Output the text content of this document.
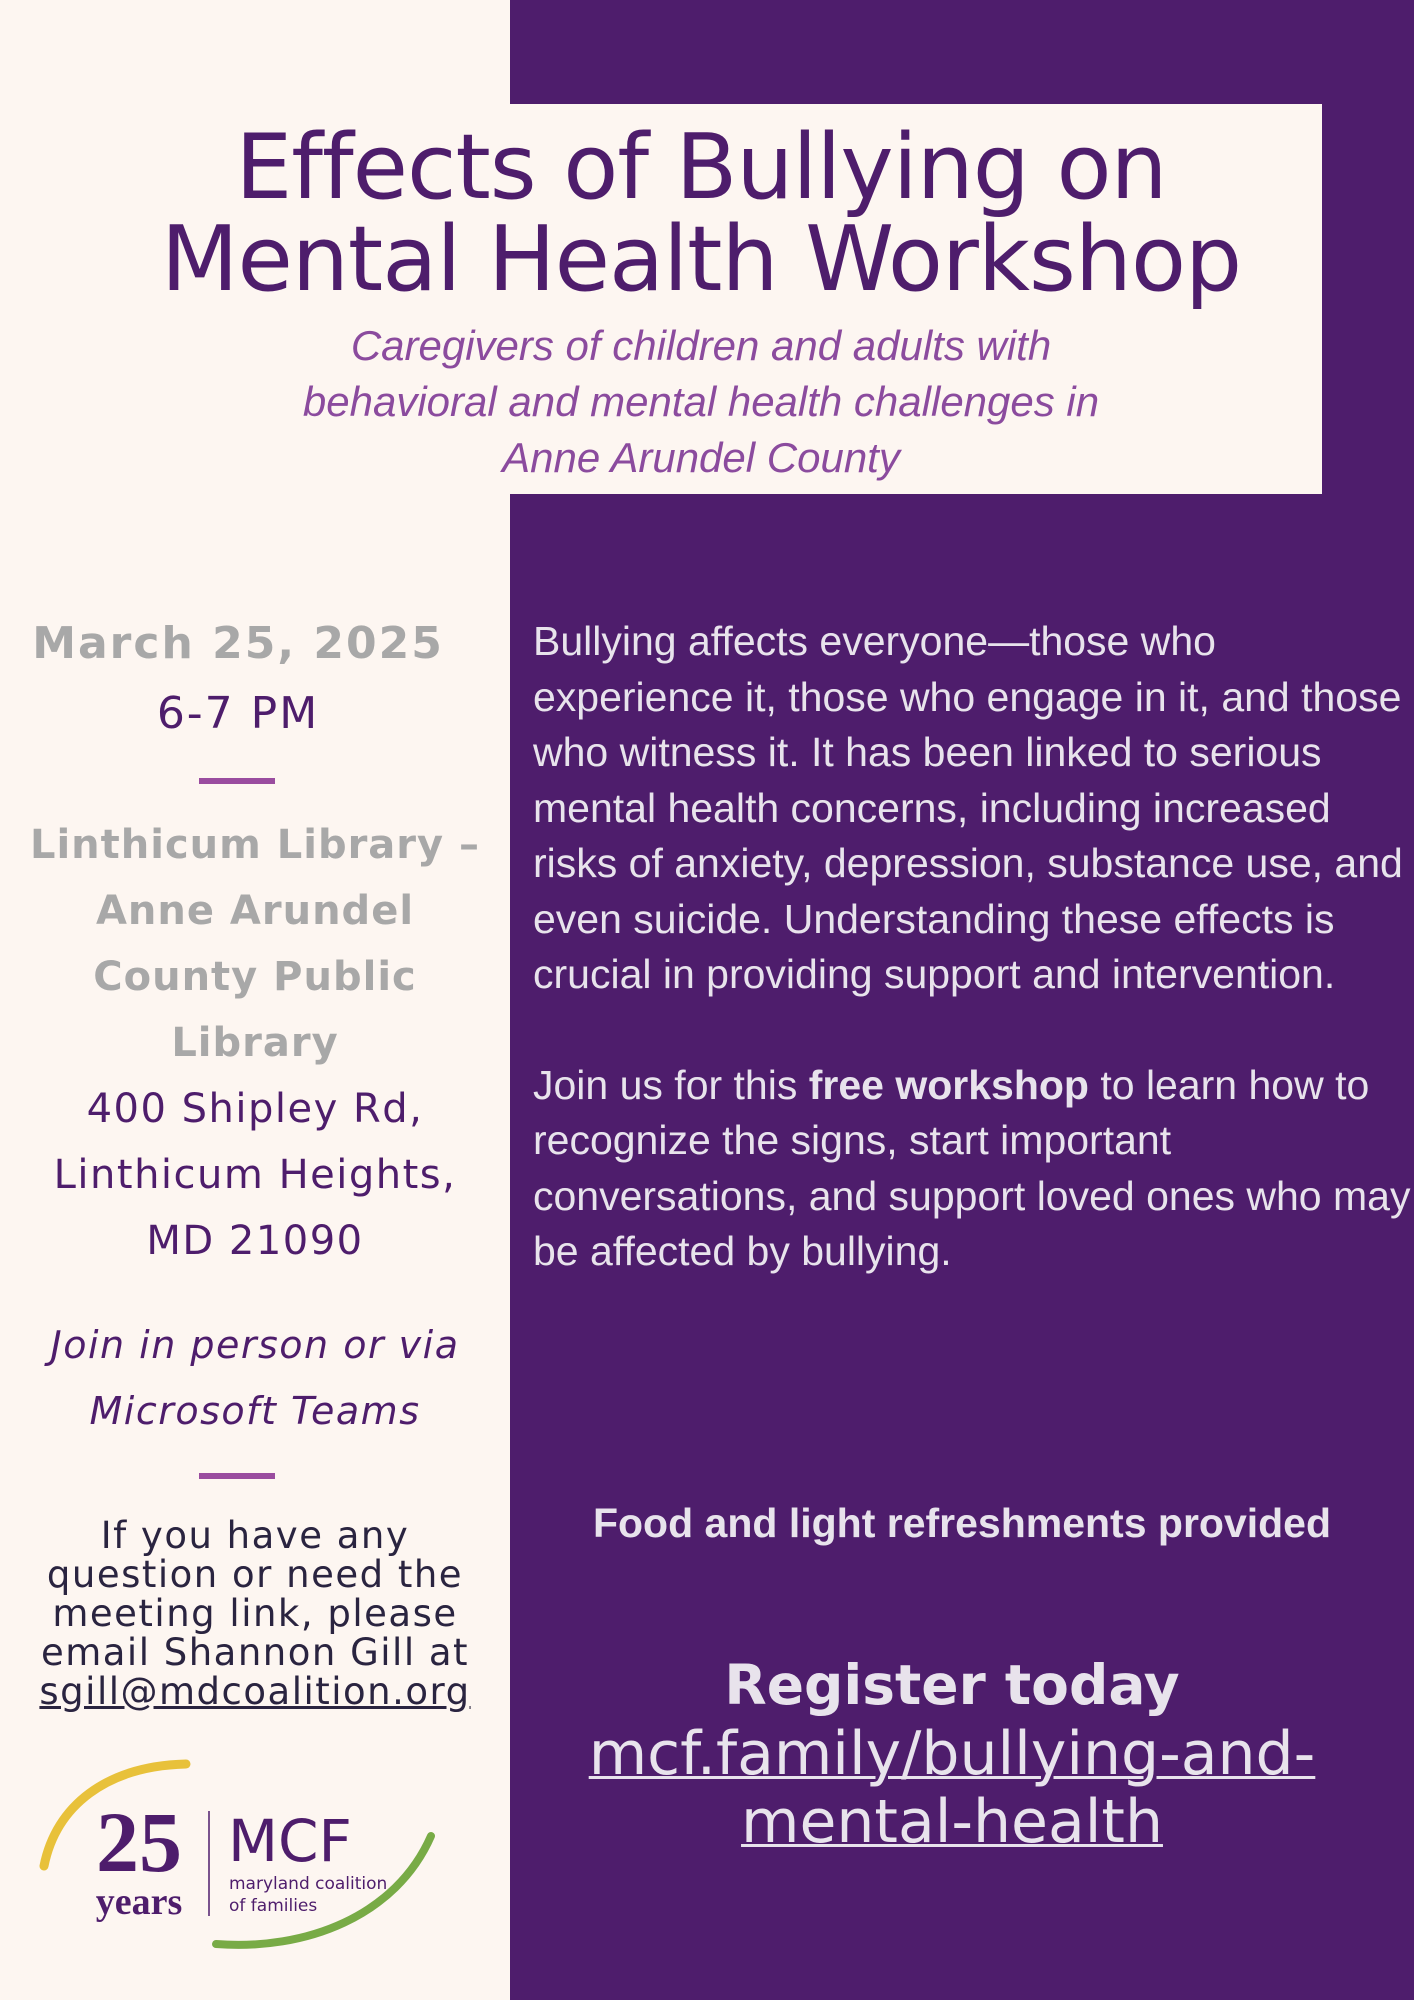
Effects of Bullying on
Mental Health Workshop
Caregivers of children and adults with
behavioral and mental health challenges in
Anne Arundel County
March 25, 2025
6-7 PM
Linthicum Library –
Anne Arundel
County Public
Library
400 Shipley Rd,
Linthicum Heights,
MD 21090
Join in person or via
Microsoft Teams
If you have any
question or need the
meeting link, please
email Shannon Gill at
sgill@mdcoalition.org
25
years
MCF
maryland coalition
of families

Bullying affects everyone—those who experience it, those who engage in it, and those who witness it. It has been linked to serious mental health concerns, including increased risks of anxiety, depression, substance use, and even suicide. Understanding these effects is crucial in providing support and intervention.

Join us for this free workshop to learn how to recognize the signs, start important conversations, and support loved ones who may be affected by bullying.

Food and light refreshments provided
Register today
mcf.family/bullying-and-
mental-health
